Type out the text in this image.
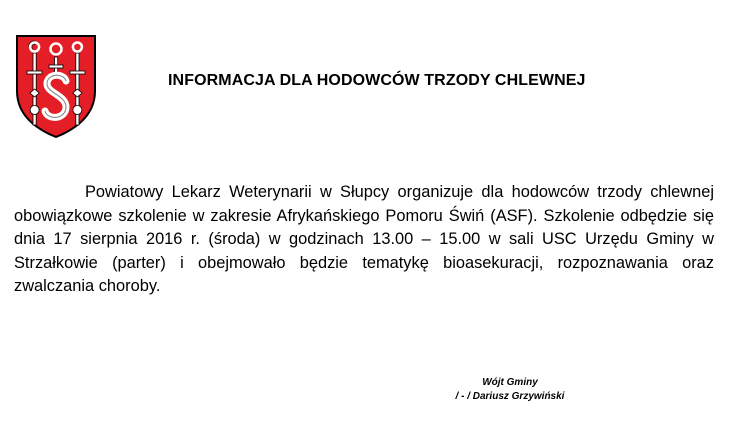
INFORMACJA DLA HODOWCÓW TRZODY CHLEWNEJ

Powiatowy Lekarz Weterynarii w Słupcy organizuje dla hodowców trzody chlewnej obowiązkowe szkolenie w zakresie Afrykańskiego Pomoru Świń (ASF). Szkolenie odbędzie się dnia 17 sierpnia 2016 r. (środa) w godzinach 13.00 – 15.00 w sali USC Urzędu Gminy w Strzałkowie (parter) i obejmowało będzie tematykę bioasekuracji, rozpoznawania oraz zwalczania choroby.

Wójt Gminy
/ - / Dariusz Grzywiński
